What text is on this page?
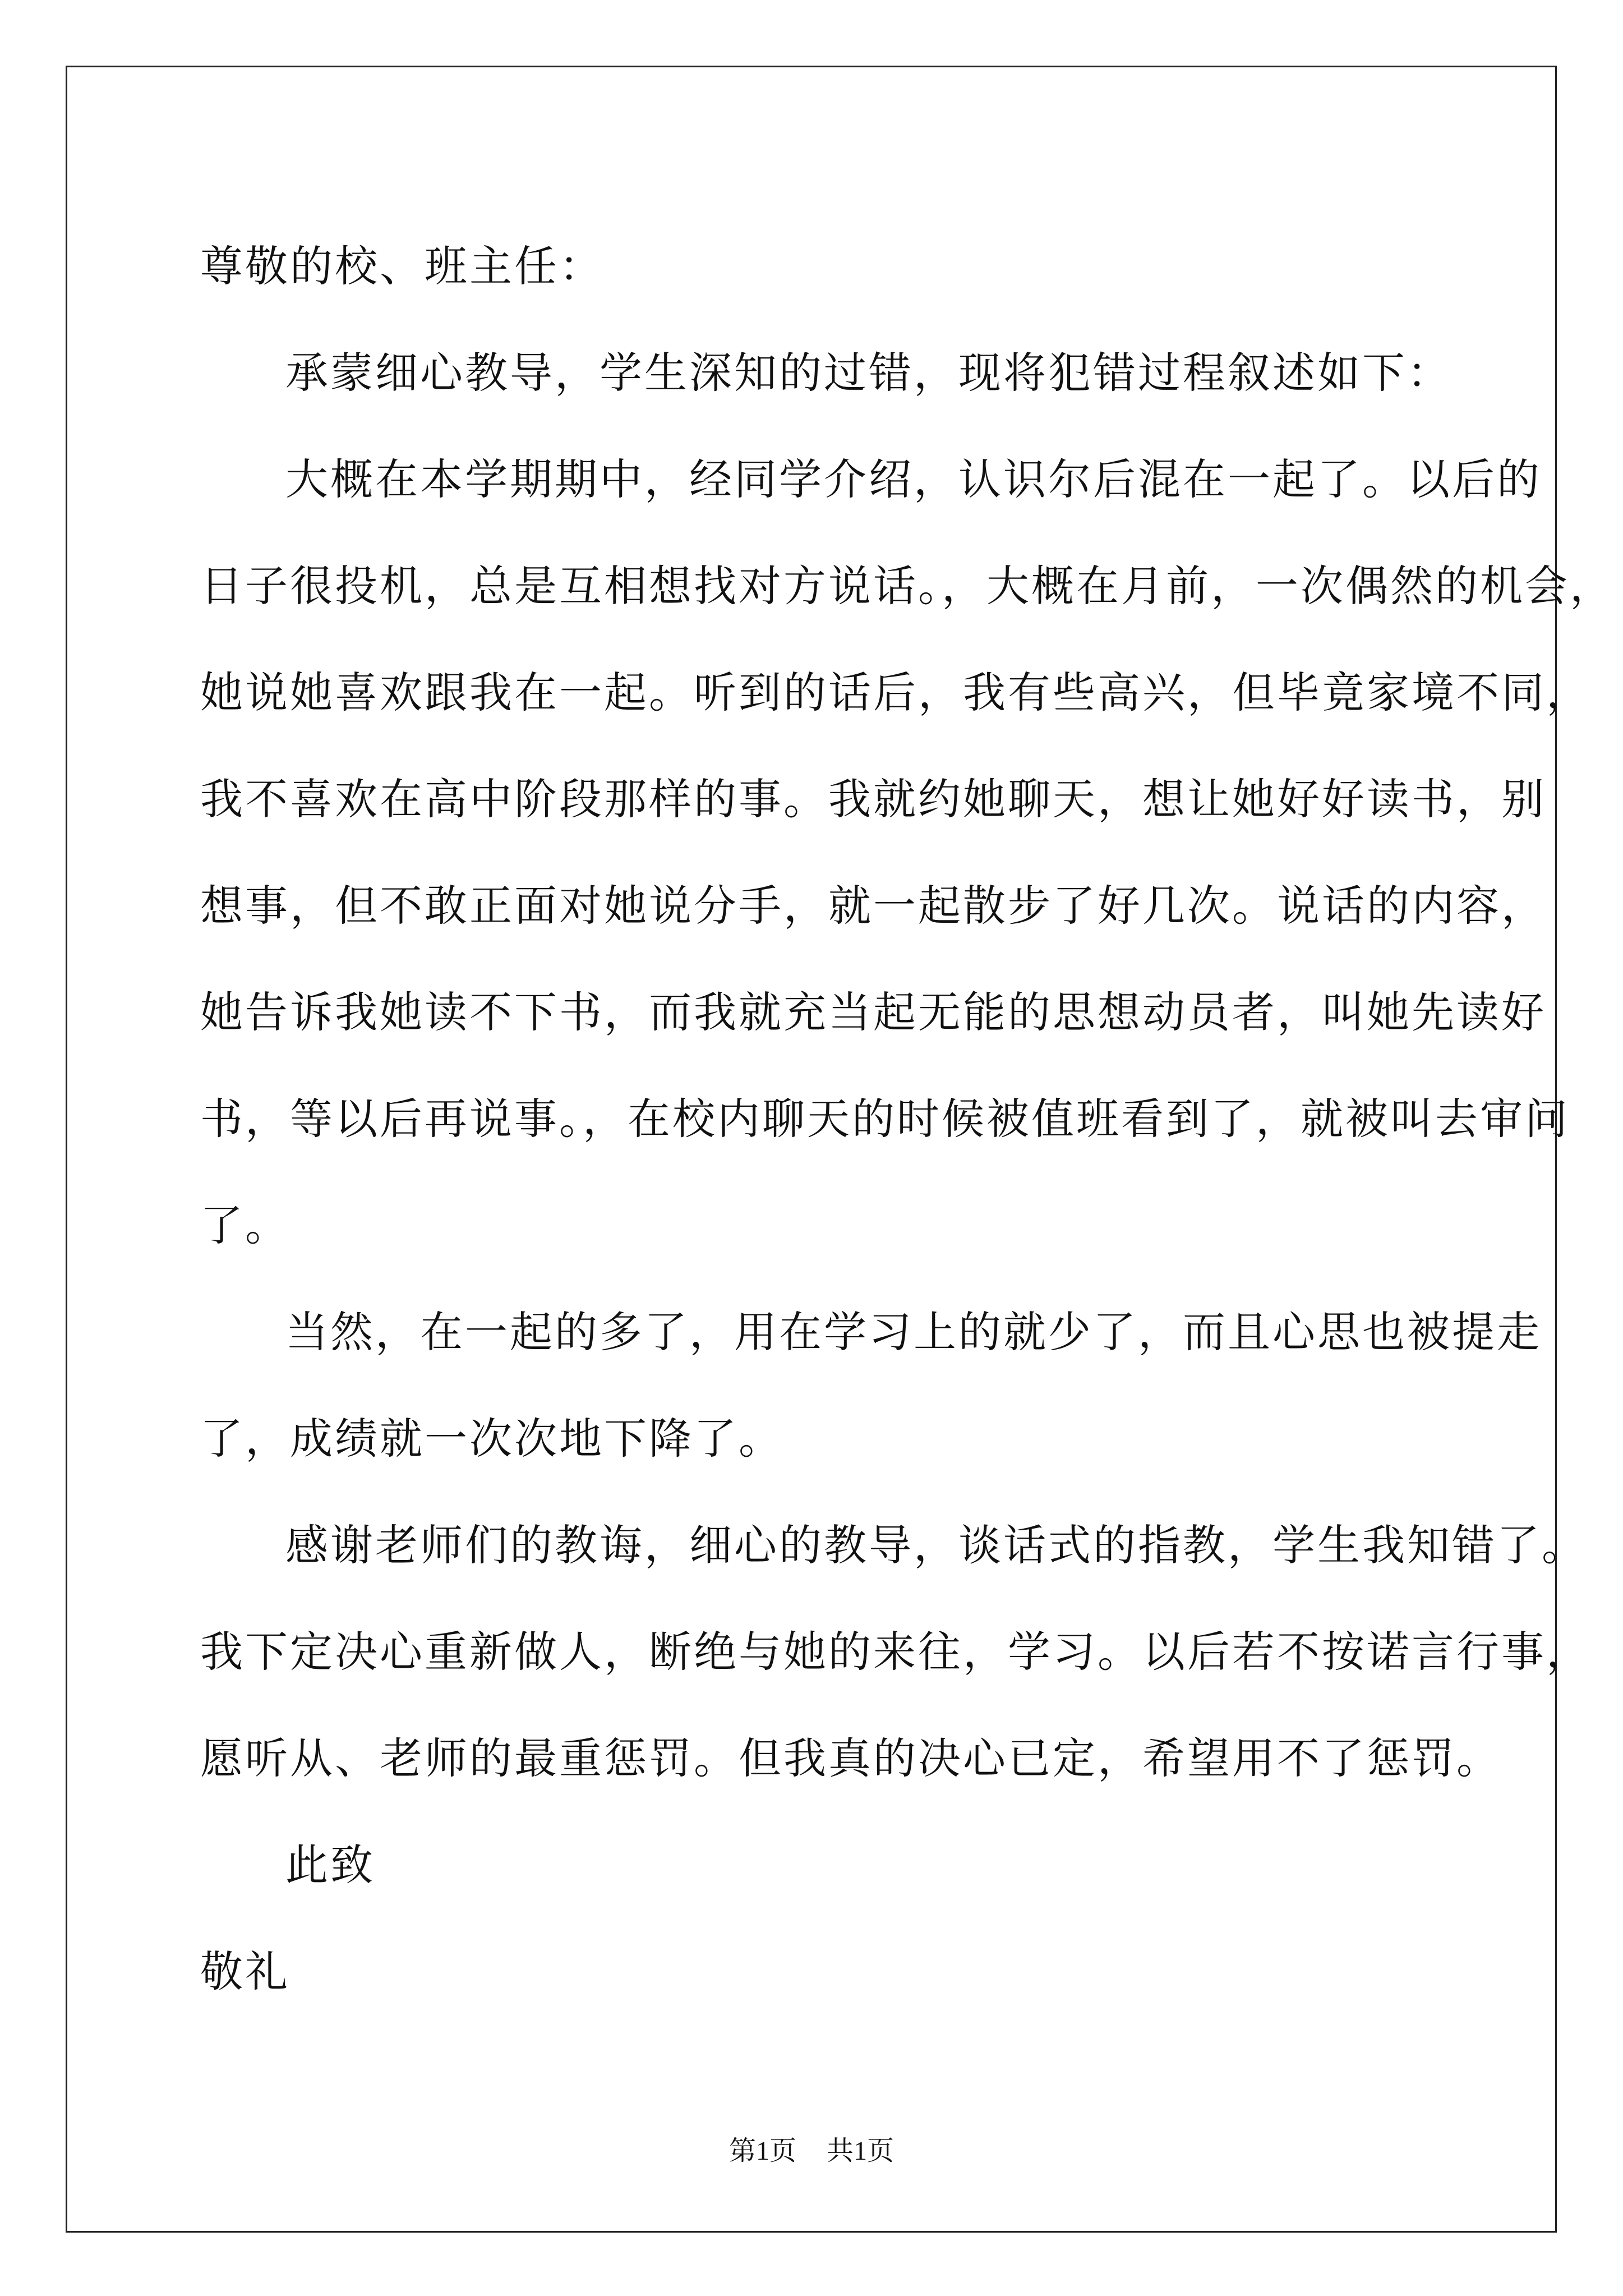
尊敬的校、班主任：
承蒙细心教导，学生深知的过错，现将犯错过程叙述如下：
大概在本学期期中，经同学介绍，认识尔后混在一起了。以后的
日子很投机，总是互相想找对方说话。，大概在月前，一次偶然的机会，
她说她喜欢跟我在一起。听到的话后，我有些高兴，但毕竟家境不同，
我不喜欢在高中阶段那样的事。我就约她聊天，想让她好好读书，别
想事，但不敢正面对她说分手，就一起散步了好几次。说话的内容，
她告诉我她读不下书，而我就充当起无能的思想动员者，叫她先读好
书，等以后再说事。，在校内聊天的时候被值班看到了，就被叫去审问
了。
当然，在一起的多了，用在学习上的就少了，而且心思也被提走
了，成绩就一次次地下降了。
感谢老师们的教诲，细心的教导，谈话式的指教，学生我知错了。
我下定决心重新做人，断绝与她的来往，学习。以后若不按诺言行事，
愿听从、老师的最重惩罚。但我真的决心已定，希望用不了惩罚。
此致
敬礼
第1页 共1页
